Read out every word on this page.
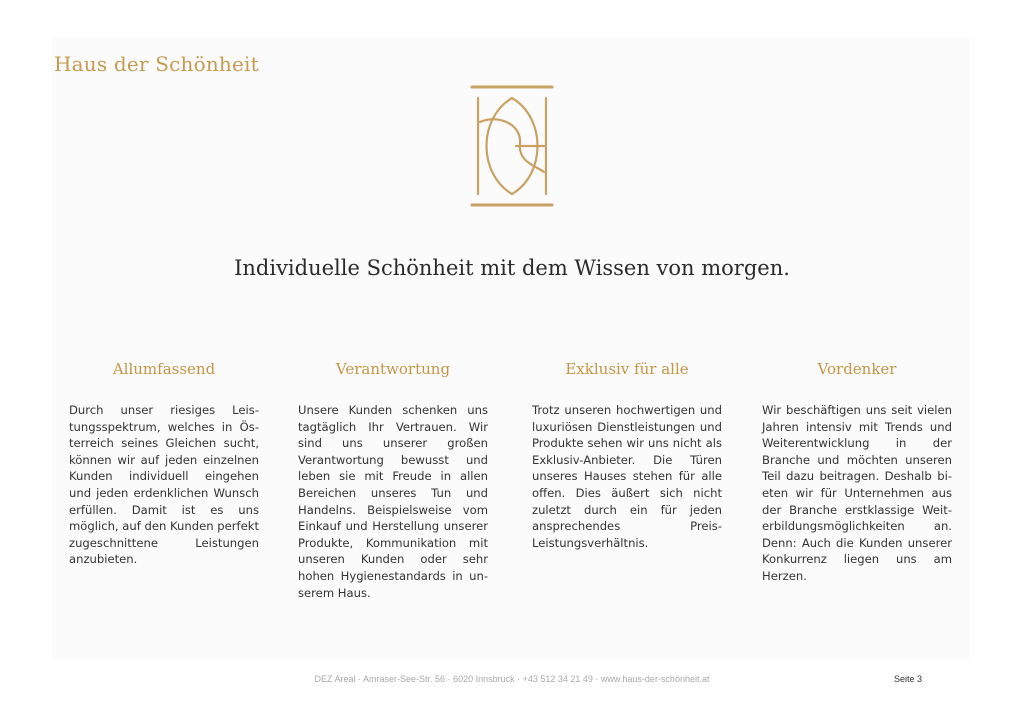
Haus der Schönheit
Individuelle Schönheit mit dem Wissen von morgen.
Allumfassend

Durch unser riesiges Leistungsspektrum, welches in Österreich seines Gleichen sucht, können wir auf jeden einzelnen Kunden individuell eingehen und jeden erdenklichen Wunsch erfüllen. Damit ist es uns möglich, auf den Kunden perfekt zugeschnittene Leistungen anzubieten.

Verantwortung

Unsere Kunden schenken uns tagtäglich Ihr Vertrauen. Wir sind uns unserer großen Verantwortung bewusst und leben sie mit Freude in allen Bereichen unseres Tun und Handelns. Beispielsweise vom Einkauf und Herstellung unserer Produkte, Kommunikation mit unseren Kunden oder sehr hohen Hygienestandards in unserem Haus.

Exklusiv für alle

Trotz unseren hochwertigen und luxuriösen Dienstleistungen und Produkte sehen wir uns nicht als Exklusiv-Anbieter. Die Türen unseres Hauses stehen für alle offen. Dies äußert sich nicht zuletzt durch ein für jeden ansprechendes Preis-Leistungsverhältnis.

Vordenker

Wir beschäftigen uns seit vielen Jahren intensiv mit Trends und Weiterentwicklung in der Branche und möchten unseren Teil dazu beitragen. Deshalb bieten wir für Unternehmen aus der Branche erstklassige Weiterbildungsmöglichkeiten an. Denn: Auch die Kunden unserer Konkurrenz liegen uns am Herzen.

DEZ Areal · Amraser-See-Str. 56 · 6020 Innsbruck · +43 512 34 21 49 · www.haus-der-schönheit.at	Seite 3
